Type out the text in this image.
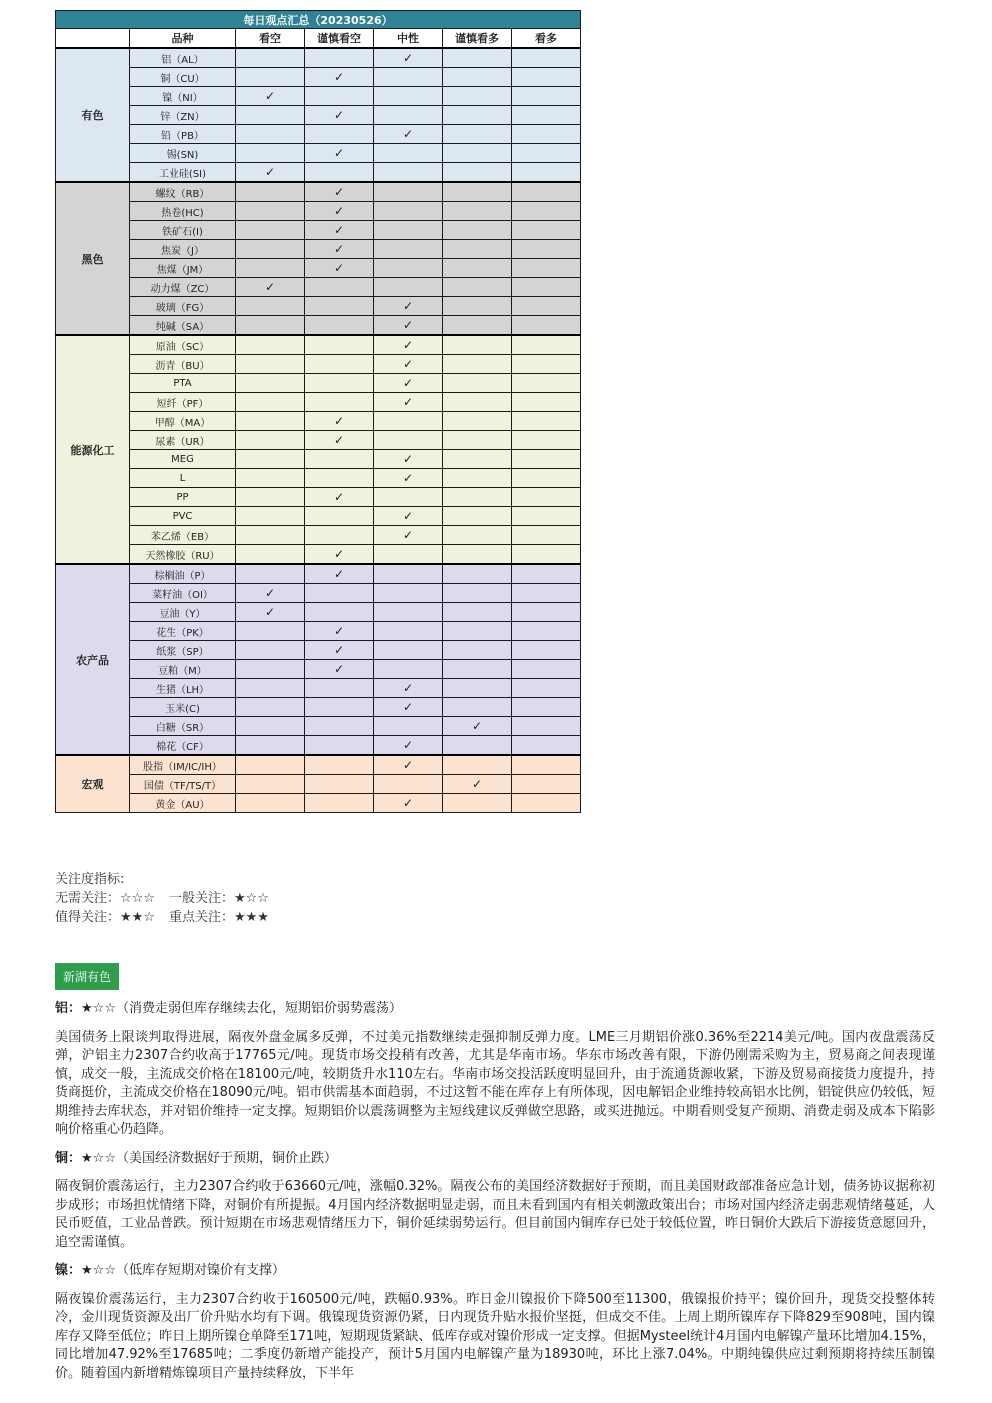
每日观点汇总（20230526）						
	品种	看空	谨慎看空	中性	谨慎看多	看多
有色	铝（AL）			✓		
	铜（CU）		✓			
	镍（NI）	✓				
	锌（ZN）		✓			
	铅（PB）			✓		
	锡(SN)		✓			
	工业硅(SI)	✓				
黑色	螺纹（RB）		✓			
	热卷(HC)		✓			
	铁矿石(I)		✓			
	焦炭（J）		✓			
	焦煤（JM）		✓			
	动力煤（ZC）	✓				
	玻璃（FG）			✓		
	纯碱（SA）			✓		
能源化工	原油（SC）			✓		
	沥青（BU）			✓		
	PTA			✓		
	短纤（PF）			✓		
	甲醇（MA）		✓			
	尿素（UR）		✓			
	MEG			✓		
	L			✓		
	PP		✓			
	PVC			✓		
	苯乙烯（EB）			✓		
	天然橡胶（RU）		✓			
农产品	棕榈油（P）		✓			
	菜籽油（OI）	✓				
	豆油（Y）	✓				
	花生（PK）		✓			
	纸浆（SP）		✓			
	豆粕（M）		✓			
	生猪（LH）			✓		
	玉米(C)			✓		
	白糖（SR）				✓	
	棉花（CF）			✓		
宏观	股指（IM/IC/IH）			✓		
	国债（TF/TS/T）				✓	
	黄金（AU）			✓		
关注度指标:
无需关注：☆☆☆ 一般关注：★☆☆
值得关注：★★☆ 重点关注：★★★
新湖有色
铝：★☆☆（消费走弱但库存继续去化，短期铝价弱势震荡）

美国债务上限谈判取得进展，隔夜外盘金属多反弹，不过美元指数继续走强抑制反弹力度。LME三月期铝价涨0.36%至2214美元/吨。国内夜盘震荡反弹，沪铝主力2307合约收高于17765元/吨。现货市场交投稍有改善，尤其是华南市场。华东市场改善有限，下游仍刚需采购为主，贸易商之间表现谨慎，成交一般，主流成交价格在18100元/吨，较期货升水110左右。华南市场交投活跃度明显回升，由于流通货源收紧，下游及贸易商接货力度提升，持货商挺价，主流成交价格在18090元/吨。铝市供需基本面趋弱，不过这暂不能在库存上有所体现，因电解铝企业维持较高铝水比例，铝锭供应仍较低，短期维持去库状态，并对铝价维持一定支撑。短期铝价以震荡调整为主短线建议反弹做空思路，或买进抛远。中期看则受复产预期、消费走弱及成本下陷影响价格重心仍趋降。

铜：★☆☆（美国经济数据好于预期，铜价止跌）

隔夜铜价震荡运行，主力2307合约收于63660元/吨，涨幅0.32%。隔夜公布的美国经济数据好于预期，而且美国财政部准备应急计划，债务协议据称初步成形；市场担忧情绪下降，对铜价有所提振。4月国内经济数据明显走弱，而且未看到国内有相关刺激政策出台；市场对国内经济走弱悲观情绪蔓延，人民币贬值，工业品普跌。预计短期在市场悲观情绪压力下，铜价延续弱势运行。但目前国内铜库存已处于较低位置，昨日铜价大跌后下游接货意愿回升，追空需谨慎。

镍：★☆☆（低库存短期对镍价有支撑）

隔夜镍价震荡运行，主力2307合约收于160500元/吨，跌幅0.93%。昨日金川镍报价下降500至11300，俄镍报价持平；镍价回升，现货交投整体转冷，金川现货资源及出厂价升贴水均有下调。俄镍现货资源仍紧，日内现货升贴水报价坚挺，但成交不佳。上周上期所镍库存下降829至908吨，国内镍库存又降至低位；昨日上期所镍仓单降至171吨，短期现货紧缺、低库存或对镍价形成一定支撑。但据Mysteel统计4月国内电解镍产量环比增加4.15%，同比增加47.92%至17685吨；二季度仍新增产能投产，预计5月国内电解镍产量为18930吨，环比上涨7.04%。中期纯镍供应过剩预期将持续压制镍价。随着国内新增精炼镍项目产量持续释放，下半年
